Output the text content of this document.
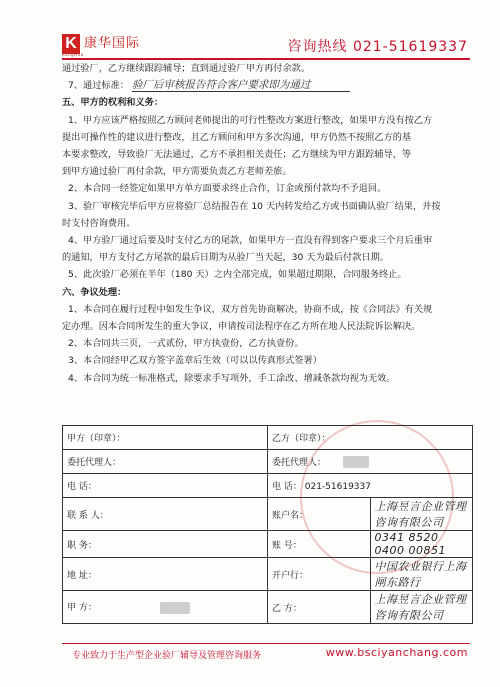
K 康华国际
KangHua	咨询热线 021-51619337

通过验厂，乙方继续跟踪辅导；直到通过验厂甲方再付余款。

7、通过标准： 验厂后审核报告符合客户要求即为通过

五、甲方的权利和义务：

1、甲方应该严格按照乙方顾问老师提出的可行性整改方案进行整改，如果甲方没有按乙方

提出可操作性的建议进行整改，且乙方顾问和甲方多次沟通，甲方仍然不按照乙方的基

本要求整改，导致验厂无法通过，乙方不承担相关责任；乙方继续为甲方跟踪辅导，等

到甲方通过验厂再付余款，甲方需要负责乙方老师差旅。

2、本合同一经签定如果甲方单方面要求终止合作，订金或预付款均不予退回。

3、验厂审核完毕后甲方应将验厂总结报告在 10 天内转发给乙方或书面确认验厂结果，并按

时支付咨询费用。

4、甲方验厂通过后要及时支付乙方的尾款，如果甲方一直没有得到客户要求三个月后重审

的通知，甲方支付乙方尾款的最后日期为从验厂当天起，30 天为最后付款日期。

5、此次验厂必须在半年（180 天）之内全部完成，如果超过期限，合同服务终止。

六、争议处理：

1、本合同在履行过程中如发生争议，双方首先协商解决，协商不成，按《合同法》有关规

定办理。因本合同所发生的重大争议，申请按司法程序在乙方所在地人民法院诉讼解决。

2、本合同共三页，一式贰份，甲方执壹份，乙方执壹份。

3、本合同经甲乙双方签字盖章后生效（可以以传真形式签署）

4、本合同为统一标准格式，除要求手写项外，手工涂改、增减条款均视为无效。

甲方（印章）：	乙方（印章）：	
委托代理人：	委托代理人：	
电 话：	电 话： 021-51619337	
联 系 人：	账户名：	上海昱言企业管理咨询有限公司
职 务：	账 号：	0341 8520 0400 00851
地 址：	开户行：	中国农业银行上海闸东路行
甲 方：	乙 方：	上海昱言企业管理咨询有限公司
专业致力于生产型企业验厂辅导及管理咨询服务	www.bsciyanchang.com
